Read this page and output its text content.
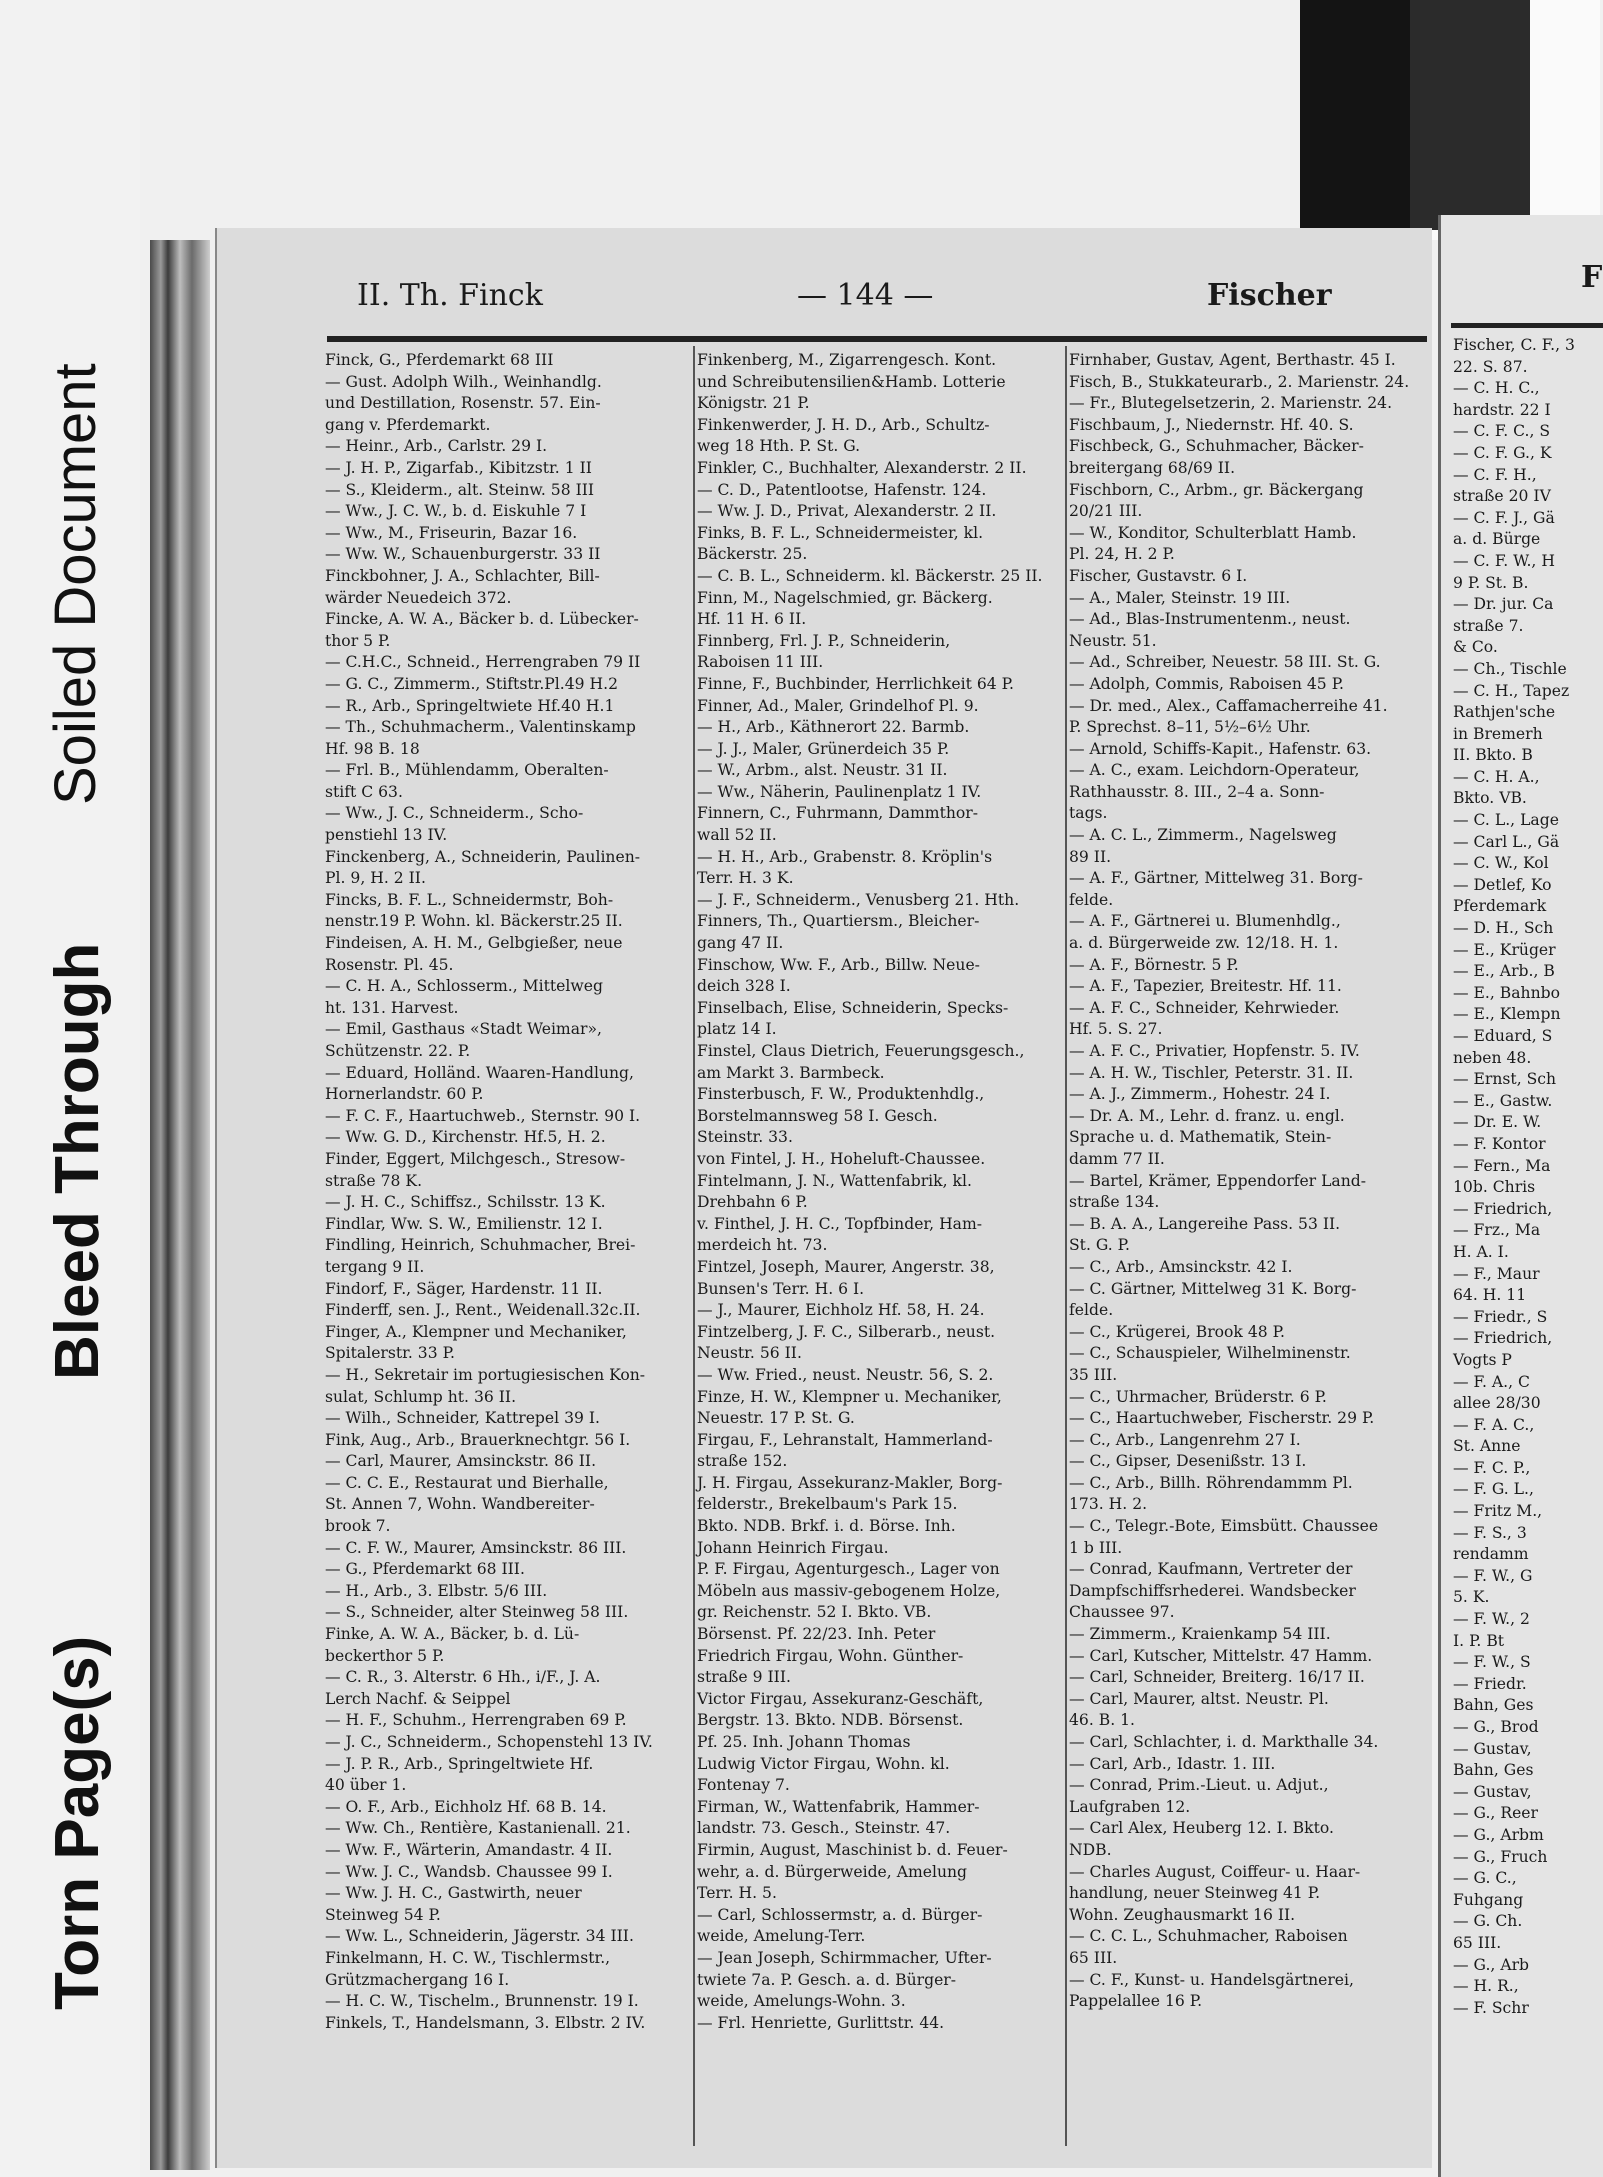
Torn Page(s)
Bleed Through
Soiled Document
II. Th. Finck	— 144 —	Fischer
Finck, G., Pferdemarkt 68 III
— Gust. Adolph Wilh., Weinhandlg.
und Destillation, Rosenstr. 57. Ein-
gang v. Pferdemarkt.
— Heinr., Arb., Carlstr. 29 I.
— J. H. P., Zigarfab., Kibitzstr. 1 II
— S., Kleiderm., alt. Steinw. 58 III
— Ww., J. C. W., b. d. Eiskuhle 7 I
— Ww., M., Friseurin, Bazar 16.
— Ww. W., Schauenburgerstr. 33 II
Finckbohner, J. A., Schlachter, Bill-
wärder Neuedeich 372.
Fincke, A. W. A., Bäcker b. d. Lübecker-
thor 5 P.
— C.H.C., Schneid., Herrengraben 79 II
— G. C., Zimmerm., Stiftstr.Pl.49 H.2
— R., Arb., Springeltwiete Hf.40 H.1
— Th., Schuhmacherm., Valentinskamp
Hf. 98 B. 18
— Frl. B., Mühlendamm, Oberalten-
stift C 63.
— Ww., J. C., Schneiderm., Scho-
penstiehl 13 IV.
Finckenberg, A., Schneiderin, Paulinen-
Pl. 9, H. 2 II.
Fincks, B. F. L., Schneidermstr, Boh-
nenstr.19 P. Wohn. kl. Bäckerstr.25 II.
Findeisen, A. H. M., Gelbgießer, neue
Rosenstr. Pl. 45.
— C. H. A., Schlosserm., Mittelweg
ht. 131. Harvest.
— Emil, Gasthaus «Stadt Weimar»,
Schützenstr. 22. P.
— Eduard, Holländ. Waaren-Handlung,
Hornerlandstr. 60 P.
— F. C. F., Haartuchweb., Sternstr. 90 I.
— Ww. G. D., Kirchenstr. Hf.5, H. 2.
Finder, Eggert, Milchgesch., Stresow-
straße 78 K.
— J. H. C., Schiffsz., Schilsstr. 13 K.
Findlar, Ww. S. W., Emilienstr. 12 I.
Findling, Heinrich, Schuhmacher, Brei-
tergang 9 II.
Findorf, F., Säger, Hardenstr. 11 II.
Finderff, sen. J., Rent., Weidenall.32c.II.
Finger, A., Klempner und Mechaniker,
Spitalerstr. 33 P.
— H., Sekretair im portugiesischen Kon-
sulat, Schlump ht. 36 II.
— Wilh., Schneider, Kattrepel 39 I.
Fink, Aug., Arb., Brauerknechtgr. 56 I.
— Carl, Maurer, Amsinckstr. 86 II.
— C. C. E., Restaurat und Bierhalle,
St. Annen 7, Wohn. Wandbereiter-
brook 7.
— C. F. W., Maurer, Amsinckstr. 86 III.
— G., Pferdemarkt 68 III.
— H., Arb., 3. Elbstr. 5/6 III.
— S., Schneider, alter Steinweg 58 III.
Finke, A. W. A., Bäcker, b. d. Lü-
beckerthor 5 P.
— C. R., 3. Alterstr. 6 Hh., i/F., J. A.
Lerch Nachf. & Seippel
— H. F., Schuhm., Herrengraben 69 P.
— J. C., Schneiderm., Schopenstehl 13 IV.
— J. P. R., Arb., Springeltwiete Hf.
40 über 1.
— O. F., Arb., Eichholz Hf. 68 B. 14.
— Ww. Ch., Rentière, Kastanienall. 21.
— Ww. F., Wärterin, Amandastr. 4 II.
— Ww. J. C., Wandsb. Chaussee 99 I.
— Ww. J. H. C., Gastwirth, neuer
Steinweg 54 P.
— Ww. L., Schneiderin, Jägerstr. 34 III.
Finkelmann, H. C. W., Tischlermstr.,
Grützmachergang 16 I.
— H. C. W., Tischelm., Brunnenstr. 19 I.
Finkels, T., Handelsmann, 3. Elbstr. 2 IV.
Finkenberg, M., Zigarrengesch. Kont.
und Schreibutensilien&Hamb. Lotterie
Königstr. 21 P.
Finkenwerder, J. H. D., Arb., Schultz-
weg 18 Hth. P. St. G.
Finkler, C., Buchhalter, Alexanderstr. 2 II.
— C. D., Patentlootse, Hafenstr. 124.
— Ww. J. D., Privat, Alexanderstr. 2 II.
Finks, B. F. L., Schneidermeister, kl.
Bäckerstr. 25.
— C. B. L., Schneiderm. kl. Bäckerstr. 25 II.
Finn, M., Nagelschmied, gr. Bäckerg.
Hf. 11 H. 6 II.
Finnberg, Frl. J. P., Schneiderin,
Raboisen 11 III.
Finne, F., Buchbinder, Herrlichkeit 64 P.
Finner, Ad., Maler, Grindelhof Pl. 9.
— H., Arb., Käthnerort 22. Barmb.
— J. J., Maler, Grünerdeich 35 P.
— W., Arbm., alst. Neustr. 31 II.
— Ww., Näherin, Paulinenplatz 1 IV.
Finnern, C., Fuhrmann, Dammthor-
wall 52 II.
— H. H., Arb., Grabenstr. 8. Kröplin's
Terr. H. 3 K.
— J. F., Schneiderm., Venusberg 21. Hth.
Finners, Th., Quartiersm., Bleicher-
gang 47 II.
Finschow, Ww. F., Arb., Billw. Neue-
deich 328 I.
Finselbach, Elise, Schneiderin, Specks-
platz 14 I.
Finstel, Claus Dietrich, Feuerungsgesch.,
am Markt 3. Barmbeck.
Finsterbusch, F. W., Produktenhdlg.,
Borstelmannsweg 58 I. Gesch.
Steinstr. 33.
von Fintel, J. H., Hoheluft-Chaussee.
Fintelmann, J. N., Wattenfabrik, kl.
Drehbahn 6 P.
v. Finthel, J. H. C., Topfbinder, Ham-
merdeich ht. 73.
Fintzel, Joseph, Maurer, Angerstr. 38,
Bunsen's Terr. H. 6 I.
— J., Maurer, Eichholz Hf. 58, H. 24.
Fintzelberg, J. F. C., Silberarb., neust.
Neustr. 56 II.
— Ww. Fried., neust. Neustr. 56, S. 2.
Finze, H. W., Klempner u. Mechaniker,
Neuestr. 17 P. St. G.
Firgau, F., Lehranstalt, Hammerland-
straße 152.
J. H. Firgau, Assekuranz-Makler, Borg-
felderstr., Brekelbaum's Park 15.
Bkto. NDB. Brkf. i. d. Börse. Inh.
Johann Heinrich Firgau.
P. F. Firgau, Agenturgesch., Lager von
Möbeln aus massiv-gebogenem Holze,
gr. Reichenstr. 52 I. Bkto. VB.
Börsenst. Pf. 22/23. Inh. Peter
Friedrich Firgau, Wohn. Günther-
straße 9 III.
Victor Firgau, Assekuranz-Geschäft,
Bergstr. 13. Bkto. NDB. Börsenst.
Pf. 25. Inh. Johann Thomas
Ludwig Victor Firgau, Wohn. kl.
Fontenay 7.
Firman, W., Wattenfabrik, Hammer-
landstr. 73. Gesch., Steinstr. 47.
Firmin, August, Maschinist b. d. Feuer-
wehr, a. d. Bürgerweide, Amelung
Terr. H. 5.
— Carl, Schlossermstr, a. d. Bürger-
weide, Amelung-Terr.
— Jean Joseph, Schirmmacher, Ufter-
twiete 7a. P. Gesch. a. d. Bürger-
weide, Amelungs-Wohn. 3.
— Frl. Henriette, Gurlittstr. 44.
Firnhaber, Gustav, Agent, Berthastr. 45 I.
Fisch, B., Stukkateurarb., 2. Marienstr. 24.
— Fr., Blutegelsetzerin, 2. Marienstr. 24.
Fischbaum, J., Niedernstr. Hf. 40. S.
Fischbeck, G., Schuhmacher, Bäcker-
breitergang 68/69 II.
Fischborn, C., Arbm., gr. Bäckergang
20/21 III.
— W., Konditor, Schulterblatt Hamb.
Pl. 24, H. 2 P.
Fischer, Gustavstr. 6 I.
— A., Maler, Steinstr. 19 III.
— Ad., Blas-Instrumentenm., neust.
Neustr. 51.
— Ad., Schreiber, Neuestr. 58 III. St. G.
— Adolph, Commis, Raboisen 45 P.
— Dr. med., Alex., Caffamacherreihe 41.
P. Sprechst. 8–11, 5½–6½ Uhr.
— Arnold, Schiffs-Kapit., Hafenstr. 63.
— A. C., exam. Leichdorn-Operateur,
Rathhausstr. 8. III., 2–4 a. Sonn-
tags.
— A. C. L., Zimmerm., Nagelsweg
89 II.
— A. F., Gärtner, Mittelweg 31. Borg-
felde.
— A. F., Gärtnerei u. Blumenhdlg.,
a. d. Bürgerweide zw. 12/18. H. 1.
— A. F., Börnestr. 5 P.
— A. F., Tapezier, Breitestr. Hf. 11.
— A. F. C., Schneider, Kehrwieder.
Hf. 5. S. 27.
— A. F. C., Privatier, Hopfenstr. 5. IV.
— A. H. W., Tischler, Peterstr. 31. II.
— A. J., Zimmerm., Hohestr. 24 I.
— Dr. A. M., Lehr. d. franz. u. engl.
Sprache u. d. Mathematik, Stein-
damm 77 II.
— Bartel, Krämer, Eppendorfer Land-
straße 134.
— B. A. A., Langereihe Pass. 53 II.
St. G. P.
— C., Arb., Amsinckstr. 42 I.
— C. Gärtner, Mittelweg 31 K. Borg-
felde.
— C., Krügerei, Brook 48 P.
— C., Schauspieler, Wilhelminenstr.
35 III.
— C., Uhrmacher, Brüderstr. 6 P.
— C., Haartuchweber, Fischerstr. 29 P.
— C., Arb., Langenrehm 27 I.
— C., Gipser, Desenißstr. 13 I.
— C., Arb., Billh. Röhrendammm Pl.
173. H. 2.
— C., Telegr.-Bote, Eimsbütt. Chaussee
1 b III.
— Conrad, Kaufmann, Vertreter der
Dampfschiffsrhederei. Wandsbecker
Chaussee 97.
— Zimmerm., Kraienkamp 54 III.
— Carl, Kutscher, Mittelstr. 47 Hamm.
— Carl, Schneider, Breiterg. 16/17 II.
— Carl, Maurer, altst. Neustr. Pl.
46. B. 1.
— Carl, Schlachter, i. d. Markthalle 34.
— Carl, Arb., Idastr. 1. III.
— Conrad, Prim.-Lieut. u. Adjut.,
Laufgraben 12.
— Carl Alex, Heuberg 12. I. Bkto.
NDB.
— Charles August, Coiffeur- u. Haar-
handlung, neuer Steinweg 41 P.
Wohn. Zeughausmarkt 16 II.
— C. C. L., Schuhmacher, Raboisen
65 III.
— C. F., Kunst- u. Handelsgärtnerei,
Pappelallee 16 P.
F
Fischer, C. F., 3
22. S. 87.
— C. H. C.,
hardstr. 22 I
— C. F. C., S
— C. F. G., K
— C. F. H.,
straße 20 IV
— C. F. J., Gä
a. d. Bürge
— C. F. W., H
9 P. St. B.
— Dr. jur. Ca
straße 7.
& Co.
— Ch., Tischle
— C. H., Tapez
Rathjen'sche
in Bremerh
II. Bkto. B
— C. H. A.,
Bkto. VB.
— C. L., Lage
— Carl L., Gä
— C. W., Kol
— Detlef, Ko
Pferdemark
— D. H., Sch
— E., Krüger
— E., Arb., B
— E., Bahnbo
— E., Klempn
— Eduard, S
neben 48.
— Ernst, Sch
— E., Gastw.
— Dr. E. W.
— F. Kontor
— Fern., Ma
10b. Chris
— Friedrich,
— Frz., Ma
H. A. I.
— F., Maur
64. H. 11
— Friedr., S
— Friedrich,
Vogts P
— F. A., C
allee 28/30
— F. A. C.,
St. Anne
— F. C. P.,
— F. G. L.,
— Fritz M.,
— F. S., 3
rendamm
— F. W., G
5. K.
— F. W., 2
I. P. Bt
— F. W., S
— Friedr.
Bahn, Ges
— G., Brod
— Gustav,
Bahn, Ges
— Gustav,
— G., Reer
— G., Arbm
— G., Fruch
— G. C.,
Fuhgang
— G. Ch.
65 III.
— G., Arb
— H. R.,
— F. Schr
